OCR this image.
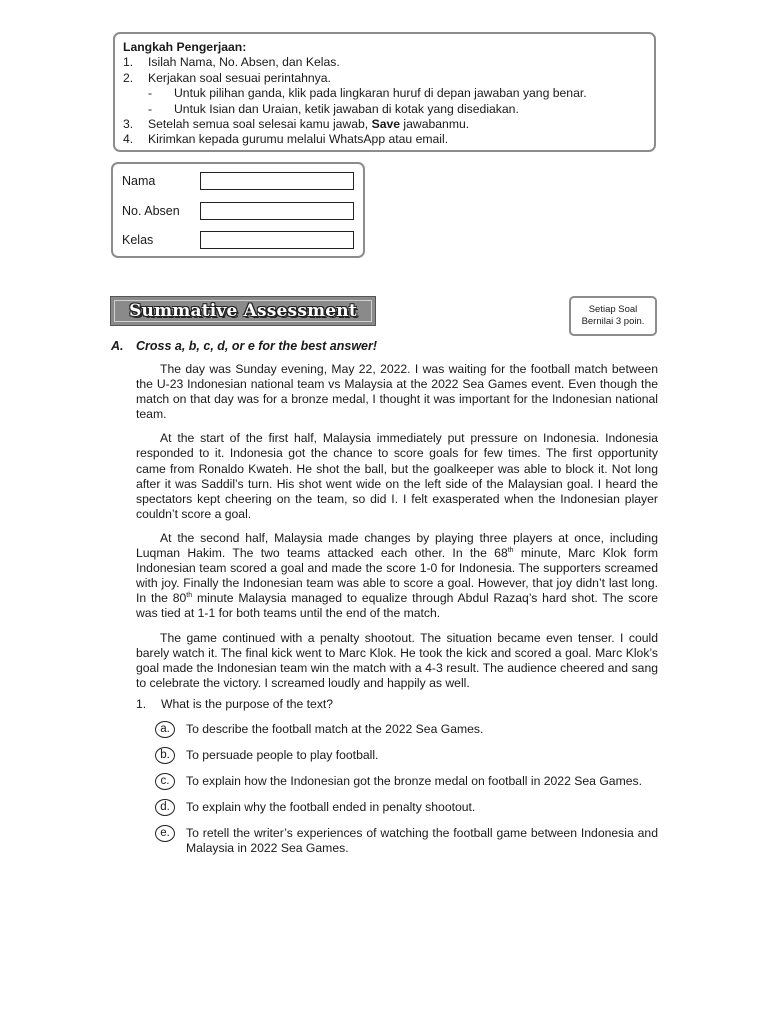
Langkah Pengerjaan:
1.	Isilah Nama, No. Absen, dan Kelas.
2.	Kerjakan soal sesuai perintahnya.
-	Untuk pilihan ganda, klik pada lingkaran huruf di depan jawaban yang benar.
-	Untuk Isian dan Uraian, ketik jawaban di kotak yang disediakan.
3.	Setelah semua soal selesai kamu jawab, Save jawabanmu.
4.	Kirimkan kepada gurumu melalui WhatsApp atau email.
Nama
No. Absen
Kelas
Summative Assessment	Setiap Soal
Bernilai 3 poin.
A. Cross a, b, c, d, or e for the best answer!

The day was Sunday evening, May 22, 2022. I was waiting for the football match between the U-23 Indonesian national team vs Malaysia at the 2022 Sea Games event. Even though the match on that day was for a bronze medal, I thought it was important for the Indonesian national team.

At the start of the first half, Malaysia immediately put pressure on Indonesia. Indonesia responded to it. Indonesia got the chance to score goals for few times. The first opportunity came from Ronaldo Kwateh. He shot the ball, but the goalkeeper was able to block it. Not long after it was Saddil’s turn. His shot went wide on the left side of the Malaysian goal. I heard the spectators kept cheering on the team, so did I. I felt exasperated when the Indonesian player couldn’t score a goal.

At the second half, Malaysia made changes by playing three players at once, including Luqman Hakim. The two teams attacked each other. In the 68th minute, Marc Klok form Indonesian team scored a goal and made the score 1-0 for Indonesia. The supporters screamed with joy. Finally the Indonesian team was able to score a goal. However, that joy didn’t last long. In the 80th minute Malaysia managed to equalize through Abdul Razaq’s hard shot. The score was tied at 1-1 for both teams until the end of the match.

The game continued with a penalty shootout. The situation became even tenser. I could barely watch it. The final kick went to Marc Klok. He took the kick and scored a goal. Marc Klok’s goal made the Indonesian team win the match with a 4-3 result. The audience cheered and sang to celebrate the victory. I screamed loudly and happily as well.

1.	What is the purpose of the text?
a.	To describe the football match at the 2022 Sea Games.
b.	To persuade people to play football.
c.	To explain how the Indonesian got the bronze medal on football in 2022 Sea Games.
d.	To explain why the football ended in penalty shootout.
e.	To retell the writer’s experiences of watching the football game between Indonesia and Malaysia in 2022 Sea Games.
